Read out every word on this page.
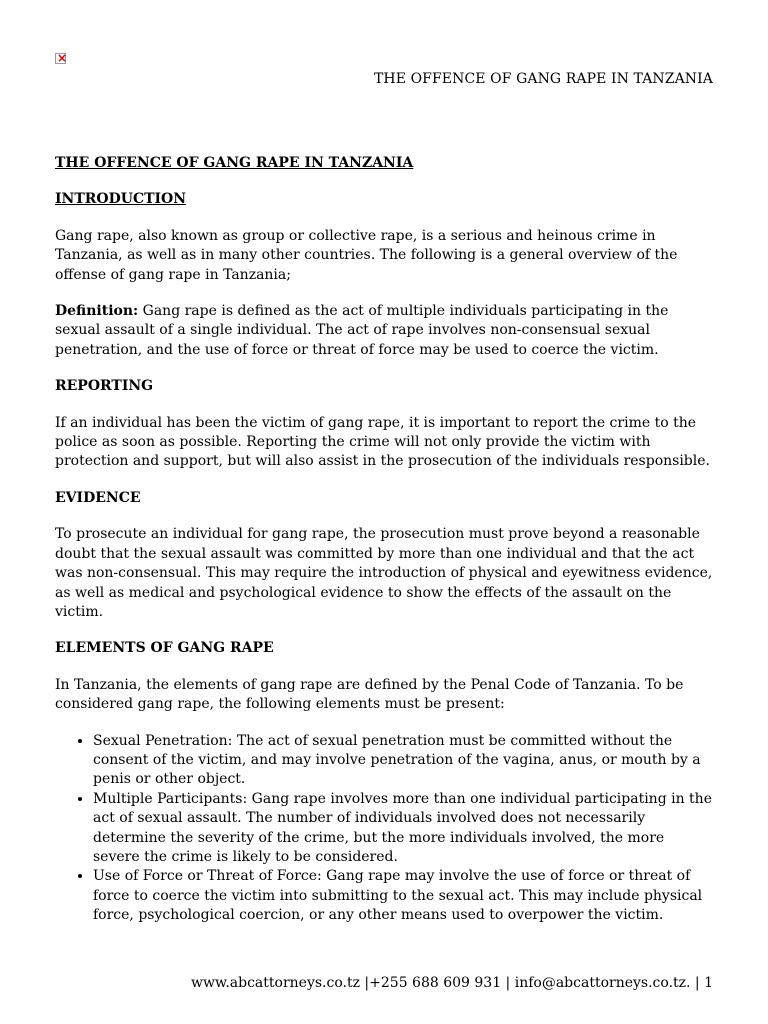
×
THE OFFENCE OF GANG RAPE IN TANZANIA

THE OFFENCE OF GANG RAPE IN TANZANIA

INTRODUCTION

Gang rape, also known as group or collective rape, is a serious and heinous crime in Tanzania, as well as in many other countries. The following is a general overview of the offense of gang rape in Tanzania;

Definition: Gang rape is defined as the act of multiple individuals participating in the sexual assault of a single individual. The act of rape involves non-consensual sexual penetration, and the use of force or threat of force may be used to coerce the victim.

REPORTING

If an individual has been the victim of gang rape, it is important to report the crime to the police as soon as possible. Reporting the crime will not only provide the victim with protection and support, but will also assist in the prosecution of the individuals responsible.

EVIDENCE

To prosecute an individual for gang rape, the prosecution must prove beyond a reasonable doubt that the sexual assault was committed by more than one individual and that the act was non-consensual. This may require the introduction of physical and eyewitness evidence, as well as medical and psychological evidence to show the effects of the assault on the victim.

ELEMENTS OF GANG RAPE

In Tanzania, the elements of gang rape are defined by the Penal Code of Tanzania. To be considered gang rape, the following elements must be present:

• Sexual Penetration: The act of sexual penetration must be committed without the consent of the victim, and may involve penetration of the vagina, anus, or mouth by a penis or other object.
• Multiple Participants: Gang rape involves more than one individual participating in the act of sexual assault. The number of individuals involved does not necessarily determine the severity of the crime, but the more individuals involved, the more severe the crime is likely to be considered.
• Use of Force or Threat of Force: Gang rape may involve the use of force or threat of force to coerce the victim into submitting to the sexual act. This may include physical force, psychological coercion, or any other means used to overpower the victim.
www.abcattorneys.co.tz |+255 688 609 931 | info@abcattorneys.co.tz. | 1
